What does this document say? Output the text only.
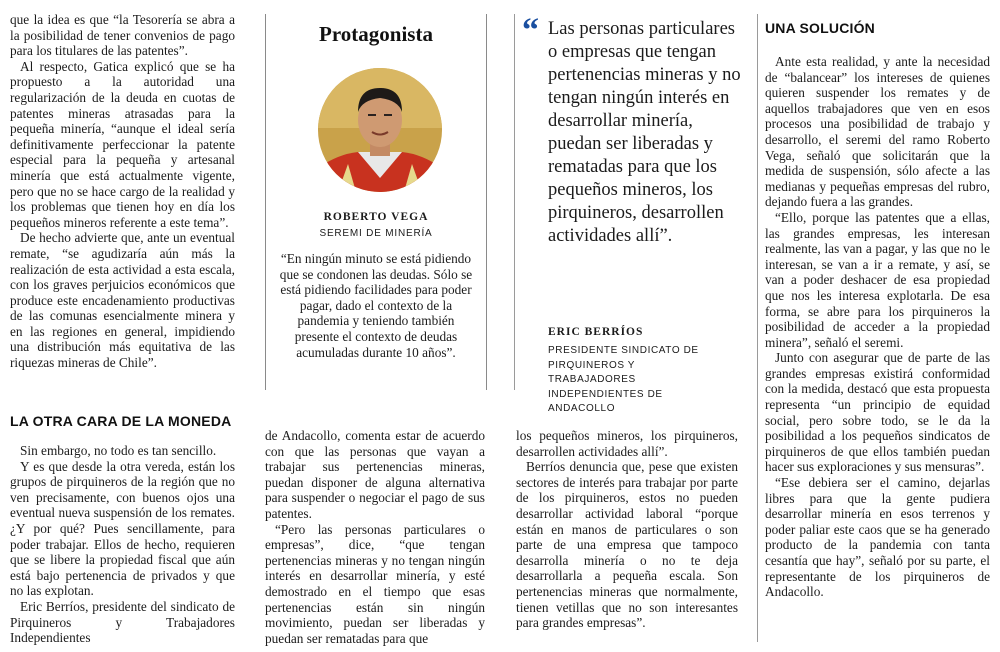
que la idea es que “la Tesorería se abra a la posibilidad de tener convenios de pago para los titulares de las patentes”.

Al respecto, Gatica explicó que se ha propuesto a la autoridad una regularización de la deuda en cuotas de patentes mineras atrasadas para la pequeña minería, “aunque el ideal sería definitivamente perfeccionar la patente especial para la pequeña y artesanal minería que está actualmente vigente, pero que no se hace cargo de la realidad y los problemas que tienen hoy en día los pequeños mineros referente a este tema”.

De hecho advierte que, ante un eventual remate, “se agudizaría aún más la realización de esta actividad a esta escala, con los graves perjuicios económicos que produce este encadenamiento productivas de las comunas esencialmente minera y en las regiones en general, impidiendo una distribución más equitativa de las riquezas mineras de Chile”.

LA OTRA CARA DE LA MONEDA

Sin embargo, no todo es tan sencillo.

Y es que desde la otra vereda, están los grupos de pirquineros de la región que no ven precisamente, con buenos ojos una eventual nueva suspensión de los remates. ¿Y por qué? Pues sencillamente, para poder trabajar. Ellos de hecho, requieren que se libere la propiedad fiscal que aún está bajo pertenencia de privados y que no las explotan.

Eric Berríos, presidente del sindicato de Pirquineros y Trabajadores Independientes

Protagonista
ROBERTO VEGA
SEREMI DE MINERÍA
“En ningún minuto se está pidiendo que se condonen las deudas. Sólo se está pidiendo facilidades para poder pagar, dado el contexto de la pandemia y teniendo también presente el contexto de deudas acumuladas durante 10 años”.

de Andacollo, comenta estar de acuerdo con que las personas que vayan a trabajar sus pertenencias mineras, puedan disponer de alguna alternativa para suspender o negociar el pago de sus patentes.

“Pero las personas particulares o empresas”, dice, “que tengan pertenencias mineras y no tengan ningún interés en desarrollar minería, y esté demostrado en el tiempo que esas pertenencias están sin ningún movimiento, puedan ser liberadas y puedan ser rematadas para que

“ Las personas particulares o empresas que tengan pertenencias mineras y no tengan ningún interés en desarrollar minería, puedan ser liberadas y rematadas para que los pequeños mineros, los pirquineros, desarrollen actividades allí”.
ERIC BERRÍOS
PRESIDENTE SINDICATO DE PIRQUINEROS Y TRABAJADORES INDEPENDIENTES DE ANDACOLLO

los pequeños mineros, los pirquineros, desarrollen actividades allí”.

Berríos denuncia que, pese que existen sectores de interés para trabajar por parte de los pirquineros, estos no pueden desarrollar actividad laboral “porque están en manos de particulares o son parte de una empresa que tampoco desarrolla minería o no te deja desarrollarla a pequeña escala. Son pertenencias mineras que normalmente, tienen vetillas que no son interesantes para grandes empresas”.

UNA SOLUCIÓN

Ante esta realidad, y ante la necesidad de “balancear” los intereses de quienes quieren suspender los remates y de aquellos trabajadores que ven en esos procesos una posibilidad de trabajo y desarrollo, el seremi del ramo Roberto Vega, señaló que solicitarán que la medida de suspensión, sólo afecte a las medianas y pequeñas empresas del rubro, dejando fuera a las grandes.

“Ello, porque las patentes que a ellas, las grandes empresas, les interesan realmente, las van a pagar, y las que no le interesan, se van a ir a remate, y así, se van a poder deshacer de esa propiedad que nos les interesa explotarla. De esa forma, se abre para los pirquineros la posibilidad de acceder a la propiedad minera”, señaló el seremi.

Junto con asegurar que de parte de las grandes empresas existirá conformidad con la medida, destacó que esta propuesta representa “un principio de equidad social, pero sobre todo, se le da la posibilidad a los pequeños sindicatos de pirquineros de que ellos también puedan hacer sus exploraciones y sus mensuras”.

“Ese debiera ser el camino, dejarlas libres para que la gente pudiera desarrollar minería en esos terrenos y poder paliar este caos que se ha generado producto de la pandemia con tanta cesantía que hay”, señaló por su parte, el representante de los pirquineros de Andacollo.
